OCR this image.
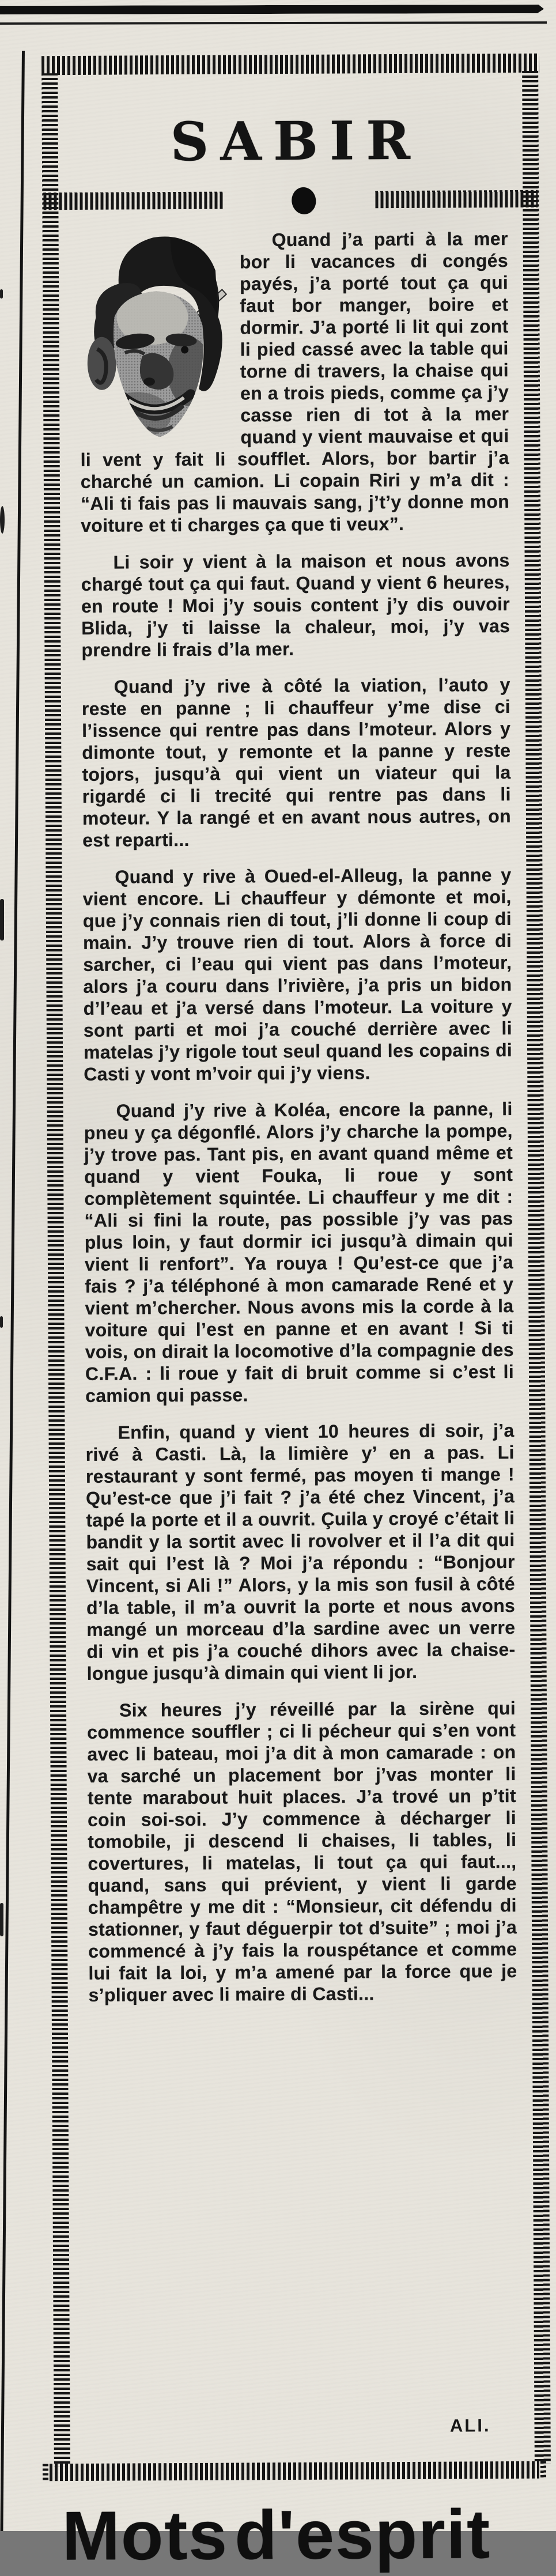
SABIR

Quand j’a parti à la mer bor li vacances di congés payés, j’a porté tout ça qui faut bor manger, boire et dormir. J’a porté li lit qui zont li pied cassé avec la table qui torne di travers, la chaise qui en a trois pieds, comme ça j’y casse rien di tot à la mer quand y vient mauvaise et qui li vent y fait li soufflet. Alors, bor bartir j’a charché un camion. Li copain Riri y m’a dit : “Ali ti fais pas li mauvais sang, j’t’y donne mon voiture et ti charges ça que ti veux”.

Li soir y vient à la maison et nous avons chargé tout ça qui faut. Quand y vient 6 heures, en route ! Moi j’y souis content j’y dis ouvoir Blida, j’y ti laisse la chaleur, moi, j’y vas prendre li frais d’la mer.

Quand j’y rive à côté la viation, l’auto y reste en panne ; li chauffeur y’me dise ci l’issence qui rentre pas dans l’moteur. Alors y dimonte tout, y remonte et la panne y reste tojors, jusqu’à qui vient un viateur qui la rigardé ci li trecité qui rentre pas dans li moteur. Y la rangé et en avant nous autres, on est reparti...

Quand y rive à Oued-el-Alleug, la panne y vient encore. Li chauffeur y démonte et moi, que j’y connais rien di tout, j’li donne li coup di main. J’y trouve rien di tout. Alors à force di sarcher, ci l’eau qui vient pas dans l’moteur, alors j’a couru dans l’rivière, j’a pris un bidon d’l’eau et j’a versé dans l’moteur. La voiture y sont parti et moi j’a couché derrière avec li matelas j’y rigole tout seul quand les copains di Casti y vont m’voir qui j’y viens.

Quand j’y rive à Koléa, encore la panne, li pneu y ça dégonflé. Alors j’y charche la pompe, j’y trove pas. Tant pis, en avant quand même et quand y vient Fouka, li roue y sont complètement squintée. Li chauffeur y me dit : “Ali si fini la route, pas possible j’y vas pas plus loin, y faut dormir ici jusqu’à dimain qui vient li renfort”. Ya rouya ! Qu’est-ce que j’a fais ? j’a téléphoné à mon camarade René et y vient m’chercher. Nous avons mis la corde à la voiture qui l’est en panne et en avant ! Si ti vois, on dirait la locomotive d’la compagnie des C.F.A. : li roue y fait di bruit comme si c’est li camion qui passe.

Enfin, quand y vient 10 heures di soir, j’a rivé à Casti. Là, la limière y’ en a pas. Li restaurant y sont fermé, pas moyen ti mange ! Qu’est-ce que j’i fait ? j’a été chez Vincent, j’a tapé la porte et il a ouvrit. Çuila y croyé c’était li bandit y la sortit avec li rovolver et il l’a dit qui sait qui l’est là ? Moi j’a répondu : “Bonjour Vincent, si Ali !” Alors, y la mis son fusil à côté d’la table, il m’a ouvrit la porte et nous avons mangé un morceau d’la sardine avec un verre di vin et pis j’a couché dihors avec la chaise-longue jusqu’à dimain qui vient li jor.

Six heures j’y réveillé par la sirène qui commence souffler ; ci li pécheur qui s’en vont avec li bateau, moi j’a dit à mon camarade : on va sarché un placement bor j’vas monter li tente marabout huit places. J’a trové un p’tit coin soi-soi. J’y commence à décharger li tomobile, ji descend li chaises, li tables, li covertures, li matelas, li tout ça qui faut..., quand, sans qui prévient, y vient li garde champêtre y me dit : “Monsieur, cit défendu di stationner, y faut déguerpir tot d’suite” ; moi j’a commencé à j’y fais la rouspétance et comme lui fait la loi, y m’a amené par la force que je s’pliquer avec li maire di Casti...

ALI.
Mots d'esprit
